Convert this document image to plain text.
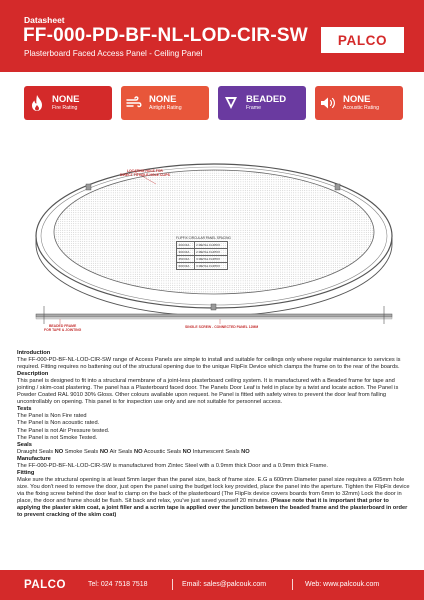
Datasheet
FF-000-PD-BF-NL-LOD-CIR-SW
Plasterboard Faced Access Panel - Ceiling Panel
PALCO
NONE
Fire Rating
NONE
Airtight Rating
BEADED
Frame
NONE
Acoustic Rating
LOCATING HOLE FOR
DIRECT TO HOLE HOLE CLIPS
BEADED FRAME
FOR TAPE & JOINTING
SINGLE SCREW - CONNECTED PANEL 12MM
FLIPFIX CIRCULAR PANEL SPACING
200 DIA	2 METAL FLIPFIX
300 DIA	2 METAL FLIPFIX
450 DIA	3 METAL FLIPFIX
600 DIA	3 METAL FLIPFIX

Introduction

The FF-000-PD-BF-NL-LOD-CIR-SW range of Access Panels are simple to install and suitable for ceilings only where regular maintenance to services is required. Fitting requires no battening out of the structural opening due to the unique FlipFix Device which clamps the frame on to the rear of the boards.

Description

This panel is designed to fit into a structural membrane of a joint-less plasterboard ceiling system. It is manufactured with a Beaded frame for tape and jointing / skim-coat plastering. The panel has a Plasterboard faced door. The Panels Door Leaf is held in place by a twist and locate action. The Panel is Powder Coated RAL 9010 30% Gloss. Other colours available upon request. he Panel is fitted with safety wires to prevent the door leaf from falling uncontrollably on opening. This panel is for inspection use only and are not suitable for personnel access.

Tests

The Panel is Non Fire rated

The Panel is Non acoustic rated.

The Panel is not Air Pressure tested.

The Panel is not Smoke Tested.

Seals

Draught Seals NO Smoke Seals NO Air Seals NO Acoustic Seals NO Intumescent Seals NO

Manufacture

The FF-000-PD-BF-NL-LOD-CIR-SW is manufactured from Zintec Steel with a 0.9mm thick Door and a 0.9mm thick Frame.

Fitting

Make sure the structural opening is at least 5mm larger than the panel size, back of frame size. E.G a 600mm Diameter panel size requires a 605mm hole size. You don't need to remove the door, just open the panel using the budget lock key provided, place the panel into the aperture. Tighten the FlipFix device via the fixing screw behind the door leaf to clamp on the back of the plasterboard (The FlipFix device covers boards from 6mm to 32mm) Lock the door in place, the door and frame should be flush. Sit back and relax, you've just saved yourself 20 minutes. (Please note that it is important that prior to applying the plaster skim coat, a joint filler and a scrim tape is applied over the junction between the beaded frame and the plasterboard in order to prevent cracking of the skim coat)

PALCO	Tel: 024 7518 7518	Email: sales@palcouk.com	Web: www.palcouk.com
